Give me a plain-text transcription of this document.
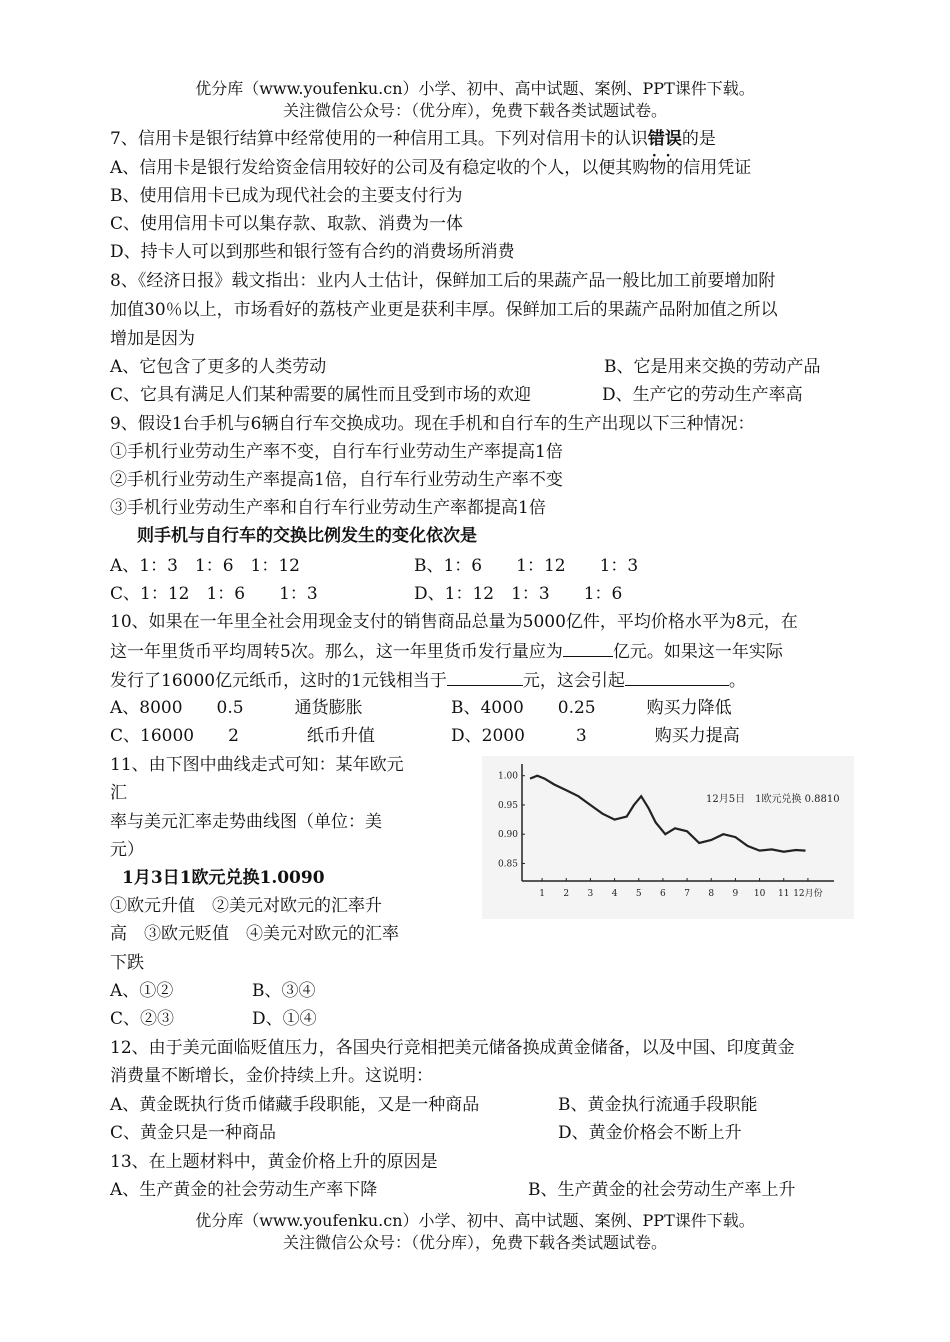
优分库（www.youfenku.cn）小学、初中、高中试题、案例、PPT课件下载。
关注微信公众号：（优分库），免费下载各类试题试卷。
7、信用卡是银行结算中经常使用的一种信用工具。下列对信用卡的认识错误 · ·的是
A、信用卡是银行发给资金信用较好的公司及有稳定收的个人，以便其购物的信用凭证
B、使用信用卡已成为现代社会的主要支付行为
C、使用信用卡可以集存款、取款、消费为一体
D、持卡人可以到那些和银行签有合约的消费场所消费
8、《经济日报》载文指出：业内人士估计，保鲜加工后的果蔬产品一般比加工前要增加附
加值30％以上，市场看好的荔枝产业更是获利丰厚。保鲜加工后的果蔬产品附加值之所以
增加是因为
A、它包含了更多的人类劳动	B、它是用来交换的劳动产品
C、它具有满足人们某种需要的属性而且受到市场的欢迎	D、生产它的劳动生产率高
9、假设1台手机与6辆自行车交换成功。现在手机和自行车的生产出现以下三种情况：
①手机行业劳动生产率不变，自行车行业劳动生产率提高1倍
②手机行业劳动生产率提高1倍，自行车行业劳动生产率不变
③手机行业劳动生产率和自行车行业劳动生产率都提高1倍
则手机与自行车的交换比例发生的变化依次是
A、1：3　1：6　1：12	B、1：6　　1：12　　1：3
C、1：12　1：6　　1：3	D、1：12　1：3　　1：6
10、如果在一年里全社会用现金支付的销售商品总量为5000亿件，平均价格水平为8元，在
这一年里货币平均周转5次。那么，这一年里货币发行量应为	亿元。如果这一年实际
发行了16000亿元纸币，这时的1元钱相当于	元，这会引起	。
A、8000　　0.5　　　通货膨胀	B、4000　　0.25　　　购买力降低
C、16000　　2　　　　纸币升值	D、2000　　　3　　　　购买力提高
11、由下图中曲线走式可知：某年欧元
汇
率与美元汇率走势曲线图（单位：美
元）
1月3日1欧元兑换1.0090
①欧元升值　②美元对欧元的汇率升
高　③欧元贬值　④美元对欧元的汇率
下跌
A、①②	B、③④
C、②③	D、①④
1.00
0.95
0.90
0.85
1 2 3 4 5 6 7 8 9 10 11 12月份
12月5日　1欧元兑换 0.8810
12、由于美元面临贬值压力，各国央行竞相把美元储备换成黄金储备，以及中国、印度黄金
消费量不断增长，金价持续上升。这说明：
A、黄金既执行货币储藏手段职能，又是一种商品	B、黄金执行流通手段职能
C、黄金只是一种商品	D、黄金价格会不断上升
13、在上题材料中，黄金价格上升的原因是
A、生产黄金的社会劳动生产率下降	B、生产黄金的社会劳动生产率上升
优分库（www.youfenku.cn）小学、初中、高中试题、案例、PPT课件下载。
关注微信公众号：（优分库），免费下载各类试题试卷。
